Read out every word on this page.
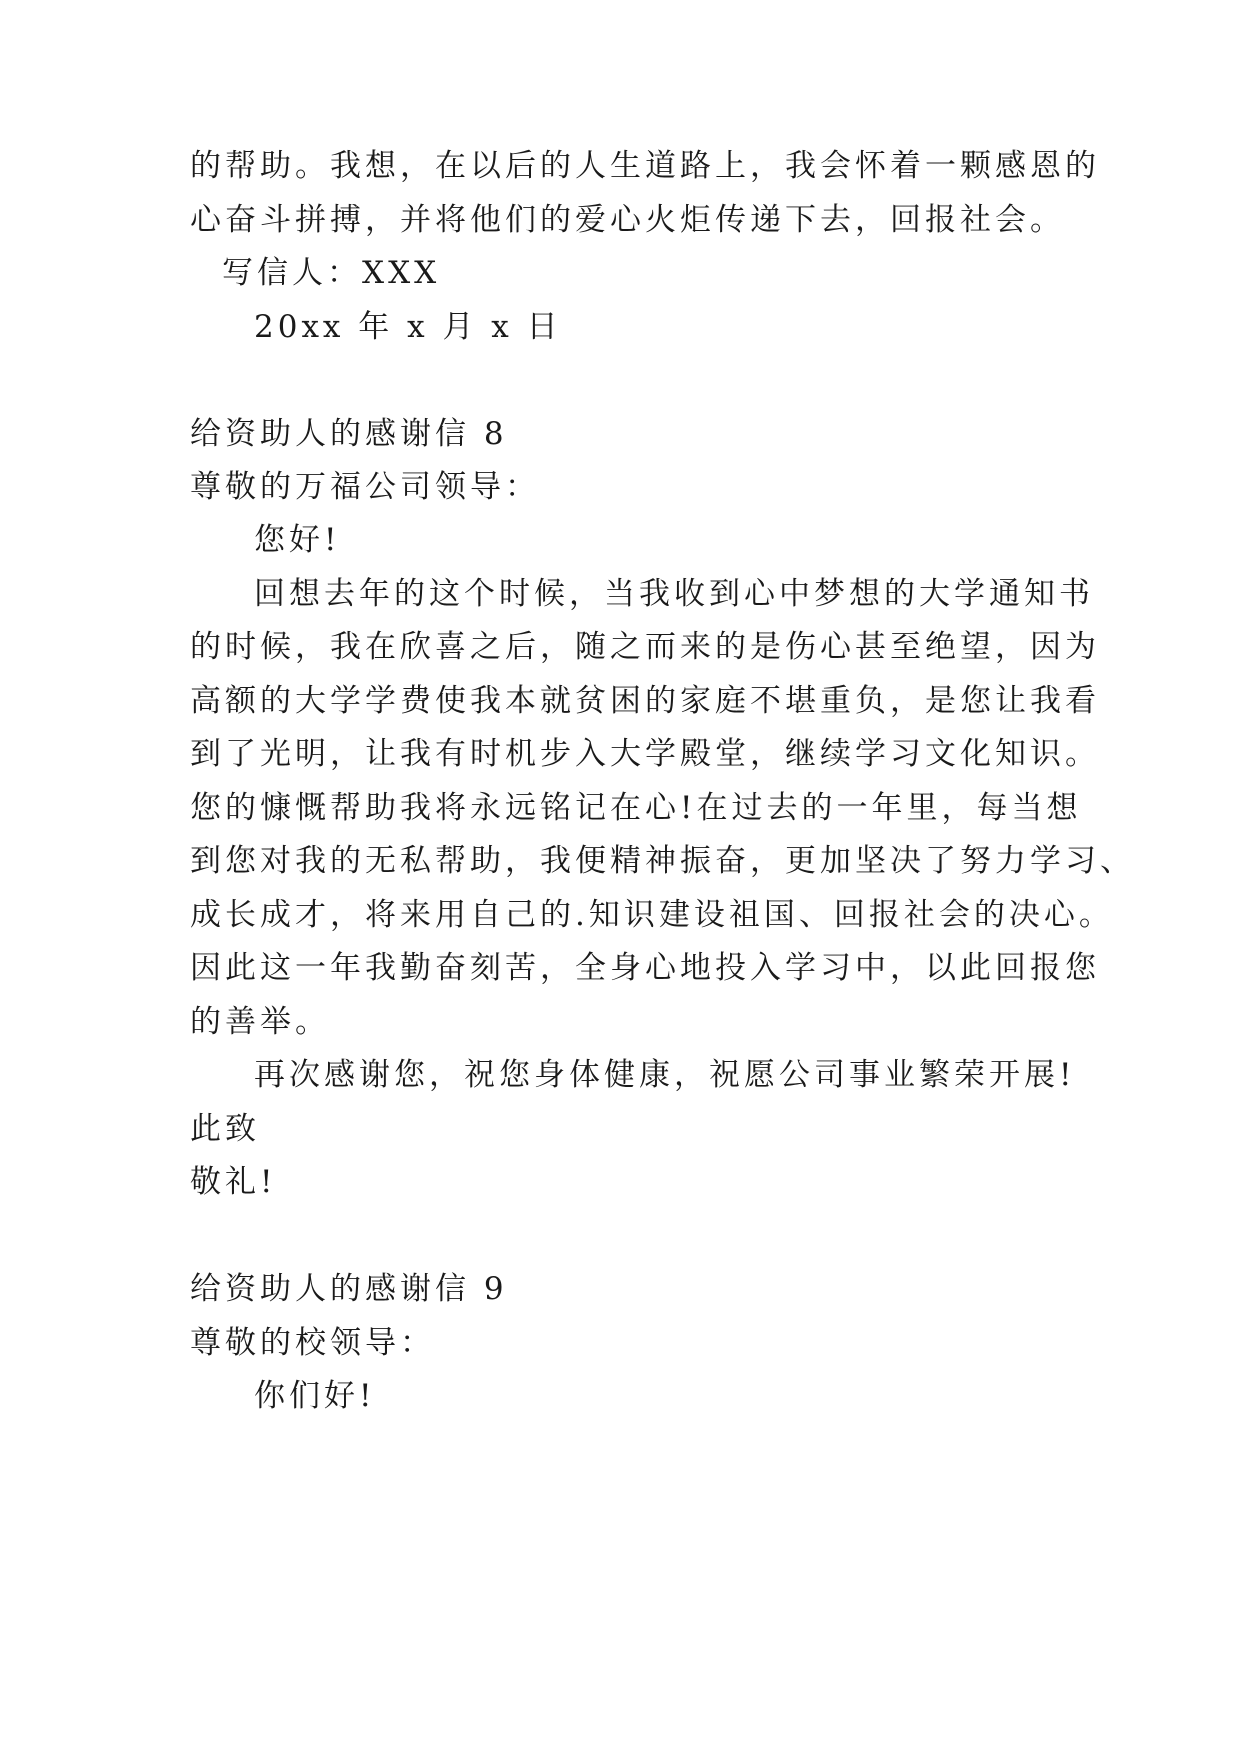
的帮助。我想，在以后的人生道路上，我会怀着一颗感恩的

心奋斗拼搏，并将他们的爱心火炬传递下去，回报社会。

写信人：XXX

20xx 年 x 月 x 日

给资助人的感谢信 8

尊敬的万福公司领导：

您好!

回想去年的这个时候，当我收到心中梦想的大学通知书

的时候，我在欣喜之后，随之而来的是伤心甚至绝望，因为

高额的大学学费使我本就贫困的家庭不堪重负，是您让我看

到了光明，让我有时机步入大学殿堂，继续学习文化知识。

您的慷慨帮助我将永远铭记在心!在过去的一年里，每当想

到您对我的无私帮助，我便精神振奋，更加坚决了努力学习、

成长成才，将来用自己的.知识建设祖国、回报社会的决心。

因此这一年我勤奋刻苦，全身心地投入学习中，以此回报您

的善举。

再次感谢您，祝您身体健康，祝愿公司事业繁荣开展!

此致

敬礼!

给资助人的感谢信 9

尊敬的校领导：

你们好!
